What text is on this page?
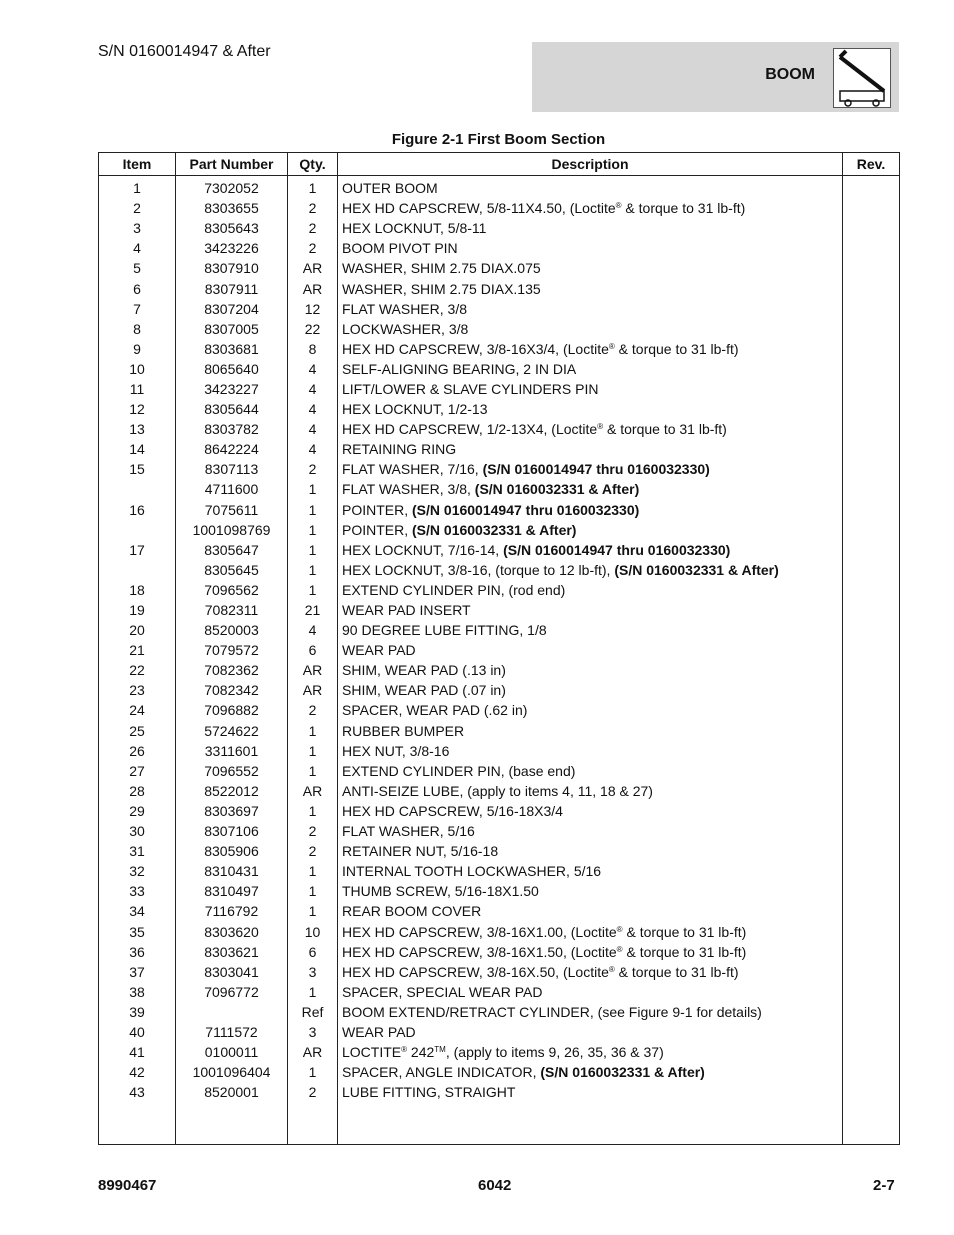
S/N 0160014947 & After
BOOM
Figure 2-1 First Boom Section
Item	Part Number	Qty.	Description	Rev.
1	7302052	1	OUTER BOOM	
2	8303655	2	HEX HD CAPSCREW, 5/8-11X4.50, (Loctite® & torque to 31 lb-ft)	
3	8305643	2	HEX LOCKNUT, 5/8-11	
4	3423226	2	BOOM PIVOT PIN	
5	8307910	AR	WASHER, SHIM 2.75 DIAX.075	
6	8307911	AR	WASHER, SHIM 2.75 DIAX.135	
7	8307204	12	FLAT WASHER, 3/8	
8	8307005	22	LOCKWASHER, 3/8	
9	8303681	8	HEX HD CAPSCREW, 3/8-16X3/4, (Loctite® & torque to 31 lb-ft)	
10	8065640	4	SELF-ALIGNING BEARING, 2 IN DIA	
11	3423227	4	LIFT/LOWER & SLAVE CYLINDERS PIN	
12	8305644	4	HEX LOCKNUT, 1/2-13	
13	8303782	4	HEX HD CAPSCREW, 1/2-13X4, (Loctite® & torque to 31 lb-ft)	
14	8642224	4	RETAINING RING	
15	8307113	2	FLAT WASHER, 7/16, (S/N 0160014947 thru 0160032330)	
	4711600	1	FLAT WASHER, 3/8, (S/N 0160032331 & After)	
16	7075611	1	POINTER, (S/N 0160014947 thru 0160032330)	
	1001098769	1	POINTER, (S/N 0160032331 & After)	
17	8305647	1	HEX LOCKNUT, 7/16-14, (S/N 0160014947 thru 0160032330)	
	8305645	1	HEX LOCKNUT, 3/8-16, (torque to 12 lb-ft), (S/N 0160032331 & After)	
18	7096562	1	EXTEND CYLINDER PIN, (rod end)	
19	7082311	21	WEAR PAD INSERT	
20	8520003	4	90 DEGREE LUBE FITTING, 1/8	
21	7079572	6	WEAR PAD	
22	7082362	AR	SHIM, WEAR PAD (.13 in)	
23	7082342	AR	SHIM, WEAR PAD (.07 in)	
24	7096882	2	SPACER, WEAR PAD (.62 in)	
25	5724622	1	RUBBER BUMPER	
26	3311601	1	HEX NUT, 3/8-16	
27	7096552	1	EXTEND CYLINDER PIN, (base end)	
28	8522012	AR	ANTI-SEIZE LUBE, (apply to items 4, 11, 18 & 27)	
29	8303697	1	HEX HD CAPSCREW, 5/16-18X3/4	
30	8307106	2	FLAT WASHER, 5/16	
31	8305906	2	RETAINER NUT, 5/16-18	
32	8310431	1	INTERNAL TOOTH LOCKWASHER, 5/16	
33	8310497	1	THUMB SCREW, 5/16-18X1.50	
34	7116792	1	REAR BOOM COVER	
35	8303620	10	HEX HD CAPSCREW, 3/8-16X1.00, (Loctite® & torque to 31 lb-ft)	
36	8303621	6	HEX HD CAPSCREW, 3/8-16X1.50, (Loctite® & torque to 31 lb-ft)	
37	8303041	3	HEX HD CAPSCREW, 3/8-16X.50, (Loctite® & torque to 31 lb-ft)	
38	7096772	1	SPACER, SPECIAL WEAR PAD	
39		Ref	BOOM EXTEND/RETRACT CYLINDER, (see Figure 9-1 for details)	
40	7111572	3	WEAR PAD	
41	0100011	AR	LOCTITE® 242™, (apply to items 9, 26, 35, 36 & 37)	
42	1001096404	1	SPACER, ANGLE INDICATOR, (S/N 0160032331 & After)	
43	8520001	2	LUBE FITTING, STRAIGHT	

8990467	6042	2-7
